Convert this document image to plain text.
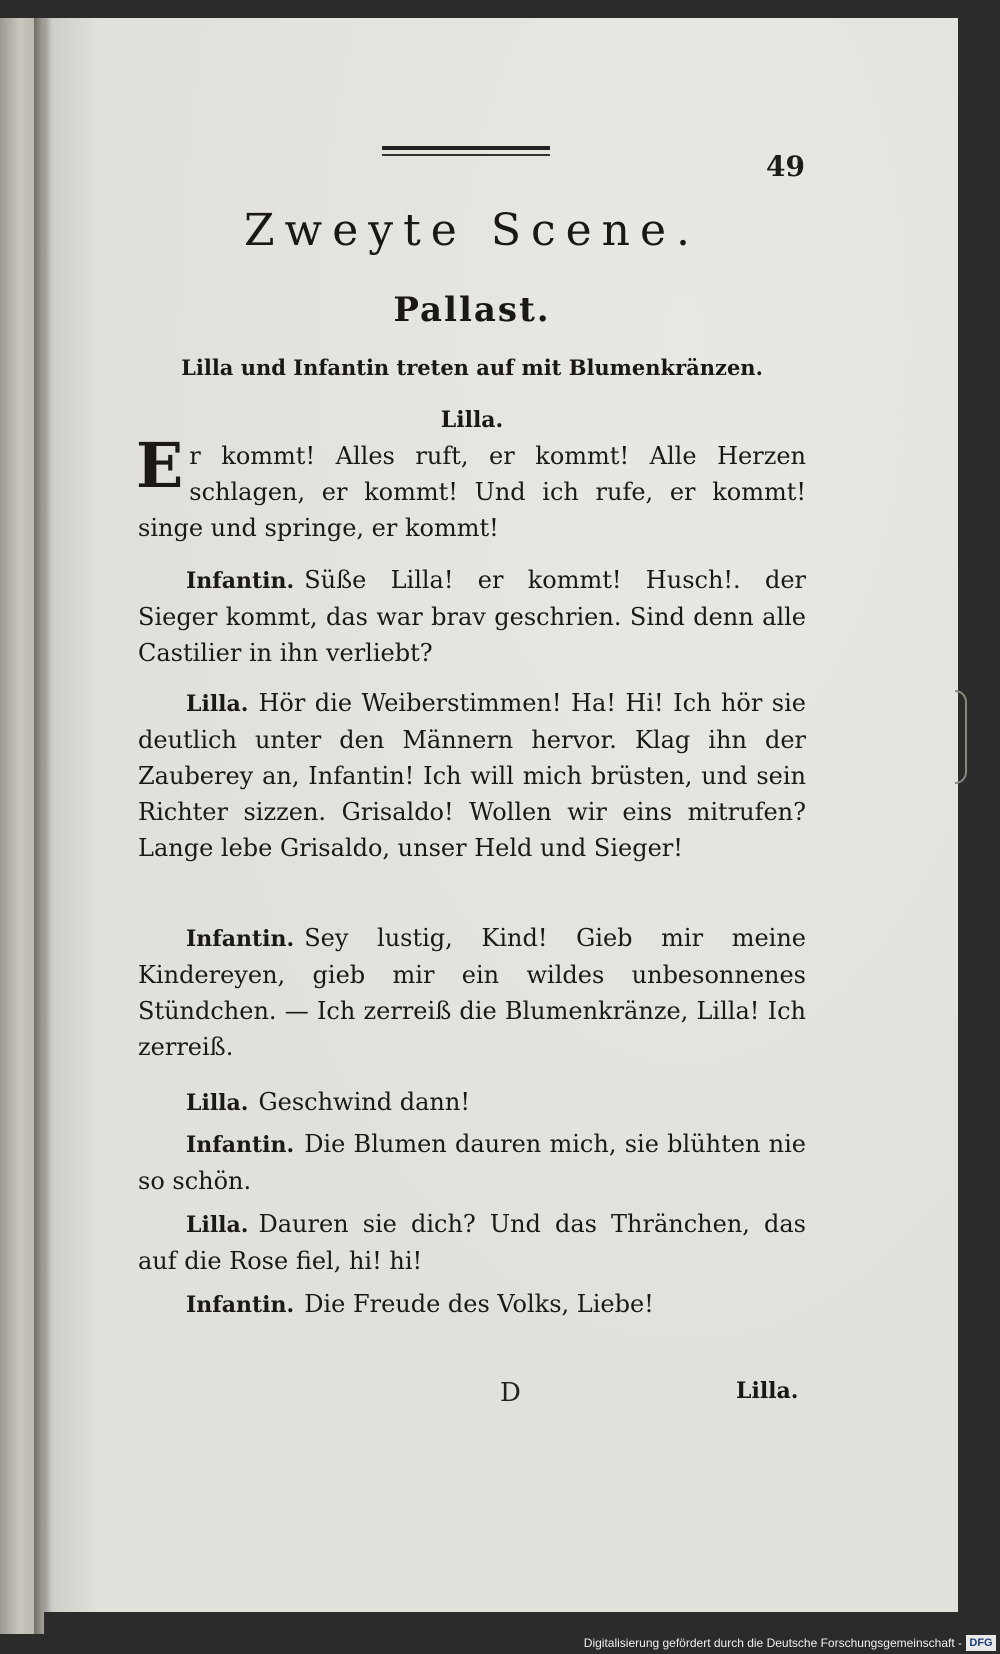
49
Zweyte Scene.
Pallast.
Lilla und Infantin treten auf mit Blumenkränzen.
Lilla.
Er kommt! Alles ruft, er kommt! Alle Herzen schlagen, er kommt! Und ich rufe, er kommt! singe und springe, er kommt!
Infantin. Süße Lilla! er kommt! Husch!. der Sieger kommt, das war brav geschrien. Sind denn alle Castilier in ihn verliebt?
Lilla. Hör die Weiberstimmen! Ha! Hi! Ich hör sie deutlich unter den Männern hervor. Klag ihn der Zauberey an, Infantin! Ich will mich brüsten, und sein Richter sizzen. Grisaldo! Wollen wir eins mitrufen? Lange lebe Grisaldo, unser Held und Sieger!
Infantin. Sey lustig, Kind! Gieb mir meine Kindereyen, gieb mir ein wildes unbesonnenes Stündchen. — Ich zerreiß die Blumenkränze, Lilla! Ich zerreiß.
Lilla. Geschwind dann!
Infantin. Die Blumen dauren mich, sie blühten nie so schön.
Lilla. Dauren sie dich? Und das Thränchen, das auf die Rose fiel, hi! hi!
Infantin. Die Freude des Volks, Liebe!
D	Lilla.
Digitalisierung gefördert durch die Deutsche Forschungsgemeinschaft - DFG
